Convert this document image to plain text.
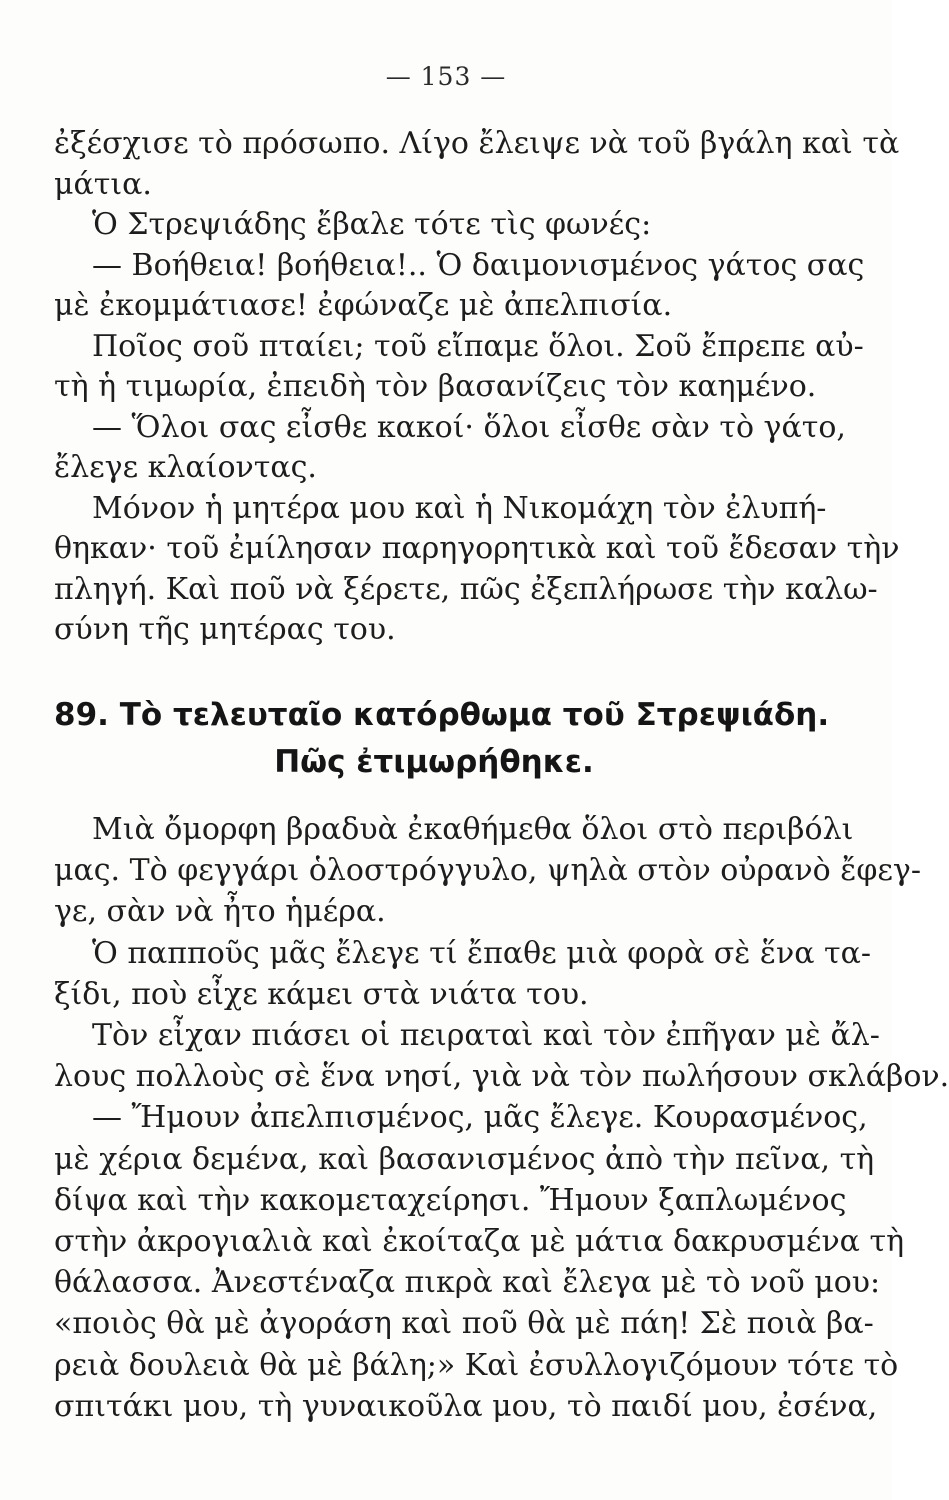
— 153 —
ἐξέσχισε τὸ πρόσωπο. Λίγο ἔλειψε νὰ τοῦ βγάλη καὶ τὰ
μάτια.
Ὁ Στρεψιάδης ἔβαλε τότε τὶς φωνές:
— Βοήθεια! βοήθεια!.. Ὁ δαιμονισμένος γάτος σας
μὲ ἐκομμάτιασε! ἐφώναζε μὲ ἀπελπισία.
Ποῖος σοῦ πταίει; τοῦ εἴπαμε ὅλοι. Σοῦ ἔπρεπε αὐ-
τὴ ἡ τιμωρία, ἐπειδὴ τὸν βασανίζεις τὸν καημένο.
— Ὅλοι σας εἶσθε κακοί· ὅλοι εἶσθε σὰν τὸ γάτο,
ἔλεγε κλαίοντας.
Μόνον ἡ μητέρα μου καὶ ἡ Νικομάχη τὸν ἐλυπή-
θηκαν· τοῦ ἐμίλησαν παρηγορητικὰ καὶ τοῦ ἔδεσαν τὴν
πληγή. Καὶ ποῦ νὰ ξέρετε, πῶς ἐξεπλήρωσε τὴν καλω-
σύνη τῆς μητέρας του.
89. Τὸ τελευταῖο κατόρθωμα τοῦ Στρεψιάδη.
Πῶς ἐτιμωρήθηκε.
Μιὰ ὄμορφη βραδυὰ ἐκαθήμεθα ὅλοι στὸ περιβόλι
μας. Τὸ φεγγάρι ὁλοστρόγγυλο, ψηλὰ στὸν οὐρανὸ ἔφεγ-
γε, σὰν νὰ ἦτο ἡμέρα.
Ὁ παπποῦς μᾶς ἔλεγε τί ἔπαθε μιὰ φορὰ σὲ ἕνα τα-
ξίδι, ποὺ εἶχε κάμει στὰ νιάτα του.
Τὸν εἶχαν πιάσει οἱ πειραταὶ καὶ τὸν ἐπῆγαν μὲ ἄλ-
λους πολλοὺς σὲ ἕνα νησί, γιὰ νὰ τὸν πωλήσουν σκλάβον.
— Ἤμουν ἀπελπισμένος, μᾶς ἔλεγε. Κουρασμένος,
μὲ χέρια δεμένα, καὶ βασανισμένος ἀπὸ τὴν πεῖνα, τὴ
δίψα καὶ τὴν κακομεταχείρησι. Ἤμουν ξαπλωμένος
στὴν ἀκρογιαλιὰ καὶ ἐκοίταζα μὲ μάτια δακρυσμένα τὴ
θάλασσα. Ἀνεστέναζα πικρὰ καὶ ἔλεγα μὲ τὸ νοῦ μου:
«ποιὸς θὰ μὲ ἀγοράση καὶ ποῦ θὰ μὲ πάη! Σὲ ποιὰ βα-
ρειὰ δουλειὰ θὰ μὲ βάλη;» Καὶ ἐσυλλογιζόμουν τότε τὸ
σπιτάκι μου, τὴ γυναικοῦλα μου, τὸ παιδί μου, ἐσένα,
